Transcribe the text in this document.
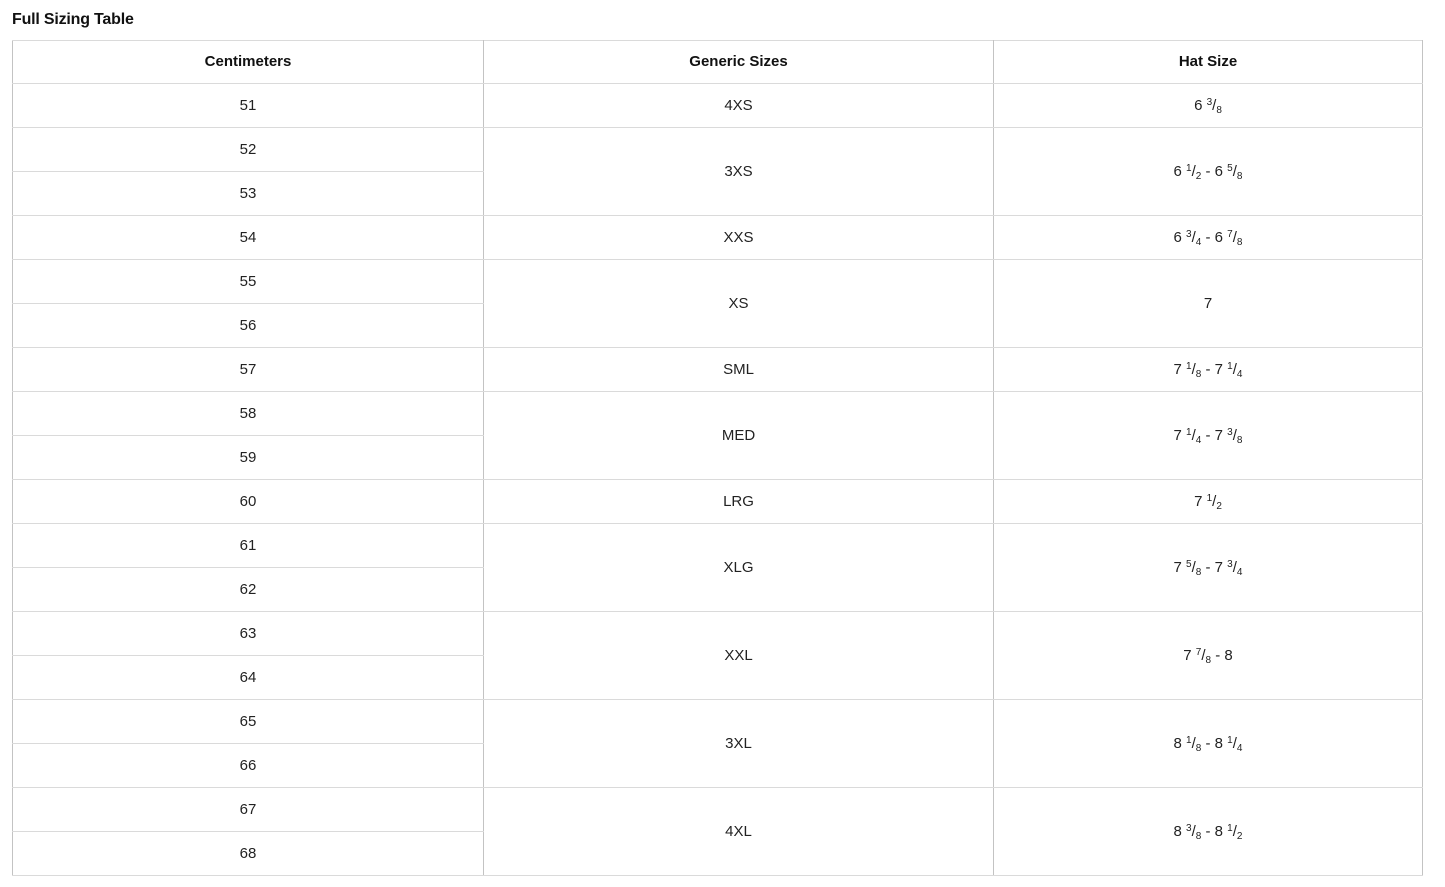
Full Sizing Table
Centimeters	Generic Sizes	Hat Size
51	4XS	6 $^3/_8$
52	3XS	6 $^1/_2 - 6$ $^5/_8$
53		
54	XXS	6 $^3/_4 - 6$ $^7/_8$
55	XS	7
56		
57	SML	7 $^1/_8 - 7$ $^1/_4$
58	MED	7 $^1/_4 - 7$ $^3/_8$
59		
60	LRG	7 $^1/_2$
61	XLG	7 $^5/_8 - 7$ $^3/_4$
62		
63	XXL	7 $^7/_8 - 8$
64		
65	3XL	8 $^1/_8 - 8$ $^1/_4$
66		
67	4XL	8 $^3/_8 - 8$ $^1/_2$
68		
